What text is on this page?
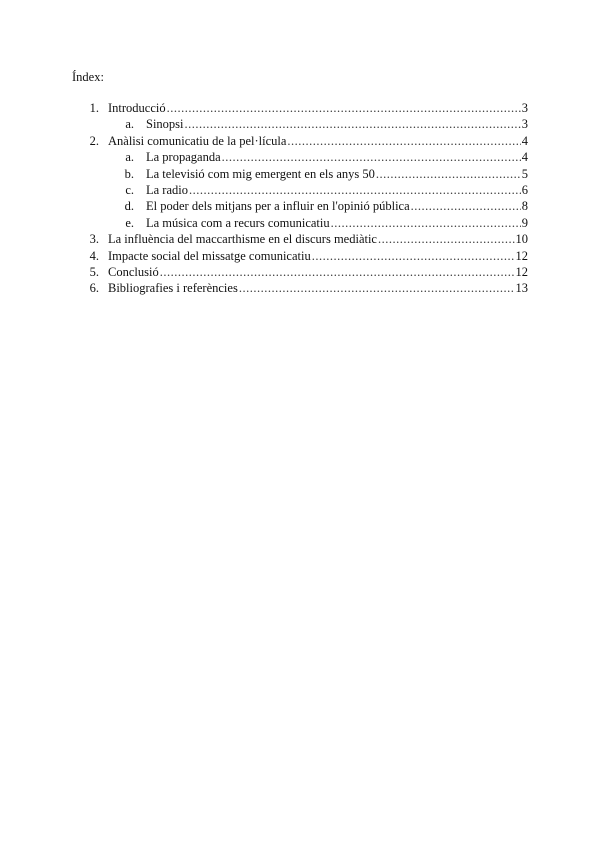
Índex:

1. Introducció .....	3
a. Sinopsi .....	3
2. Anàlisi comunicatiu de la pel·lícula .....	4
a. La propaganda .....	4
b. La televisió com mig emergent en els anys 50 .....	5
c. La radio .....	6
d. El poder dels mitjans per a influir en l'opinió pública .....	8
e. La música com a recurs comunicatiu .....	9
3. La influència del maccarthisme en el discurs mediàtic .....	10
4. Impacte social del missatge comunicatiu .....	12
5. Conclusió .....	12
6. Bibliografies i referències .....	13
